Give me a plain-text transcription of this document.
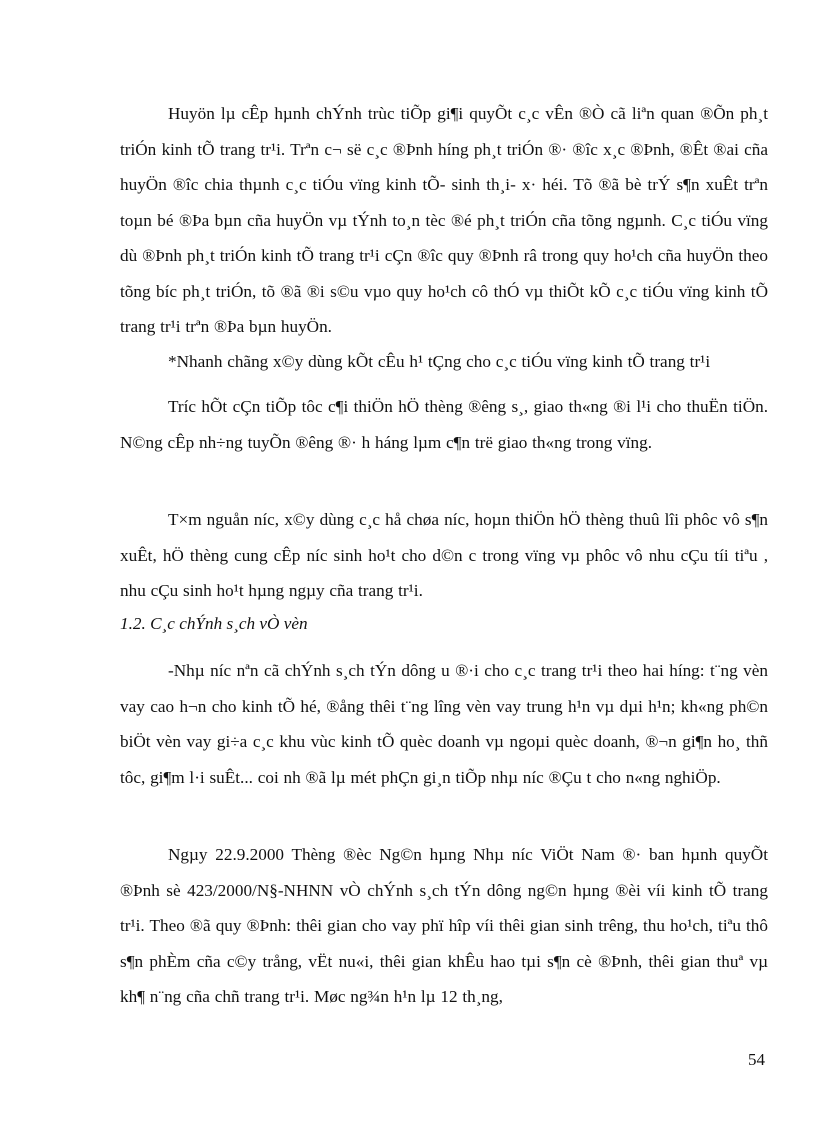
Huyön lµ cÊp hµnh chÝnh trùc tiÕp gi¶i quyÕt c¸c vÊn ®Ò cã liªn quan ®Õn ph¸t triÓn kinh tÕ trang tr¹i. Trªn c¬ së c¸c ®Þnh híng ph¸t triÓn ®· ®îc x¸c ®Þnh, ®Êt ®ai cña huyÖn ®îc chia thµnh c¸c tiÓu vïng kinh tÕ- sinh th¸i- x· héi. Tõ ®ã bè trÝ s¶n xuÊt trªn toµn bé ®Þa bµn cña huyÖn vµ tÝnh to¸n tèc ®é ph¸t triÓn cña tõng ngµnh. C¸c tiÓu vïng dù ®Þnh ph¸t triÓn kinh tÕ trang tr¹i cÇn ®îc quy ®Þnh râ trong quy ho¹ch cña huyÖn theo tõng bíc ph¸t triÓn, tõ ®ã ®i s©u vµo quy ho¹ch cô thÓ vµ thiÕt kÕ c¸c tiÓu vïng kinh tÕ trang tr¹i trªn ®Þa bµn huyÖn.

*Nhanh chãng x©y dùng kÕt cÊu h¹ tÇng cho c¸c tiÓu vïng kinh tÕ trang tr¹i

Tríc hÕt cÇn tiÕp tôc c¶i thiÖn hÖ thèng ®êng s¸, giao th«ng ®i l¹i cho thuËn tiÖn. N©ng cÊp nh÷ng tuyÕn ®êng ®· h háng lµm c¶n trë giao th«ng trong vïng.

T×m nguån níc, x©y dùng c¸c hå chøa níc, hoµn thiÖn hÖ thèng thuû lîi phôc vô s¶n xuÊt, hÖ thèng cung cÊp níc sinh ho¹t cho d©n c trong vïng vµ phôc vô nhu cÇu tíi tiªu , nhu cÇu sinh ho¹t hµng ngµy cña trang tr¹i.

1.2. C¸c chÝnh s¸ch vÒ vèn

-Nhµ níc nªn cã chÝnh s¸ch tÝn dông u ®·i cho c¸c trang tr¹i theo hai híng: t¨ng vèn vay cao h¬n cho kinh tÕ hé, ®ång thêi t¨ng lîng vèn vay trung h¹n vµ dµi h¹n; kh«ng ph©n biÖt vèn vay gi÷a c¸c khu vùc kinh tÕ quèc doanh vµ ngoµi quèc doanh, ®¬n gi¶n ho¸ thñ tôc, gi¶m l·i suÊt... coi nh ®ã lµ mét phÇn gi¸n tiÕp nhµ níc ®Çu t cho n«ng nghiÖp.

Ngµy 22.9.2000 Thèng ®èc Ng©n hµng Nhµ níc ViÖt Nam ®· ban hµnh quyÕt ®Þnh sè 423/2000/N§-NHNN vÒ chÝnh s¸ch tÝn dông ng©n hµng ®èi víi kinh tÕ trang tr¹i. Theo ®ã quy ®Þnh: thêi gian cho vay phï hîp víi thêi gian sinh trêng, thu ho¹ch, tiªu thô s¶n phÈm cña c©y trång, vËt nu«i, thêi gian khÊu hao tµi s¶n cè ®Þnh, thêi gian thuª vµ kh¶ n¨ng cña chñ trang tr¹i. Møc ng¾n h¹n lµ 12 th¸ng,

54
